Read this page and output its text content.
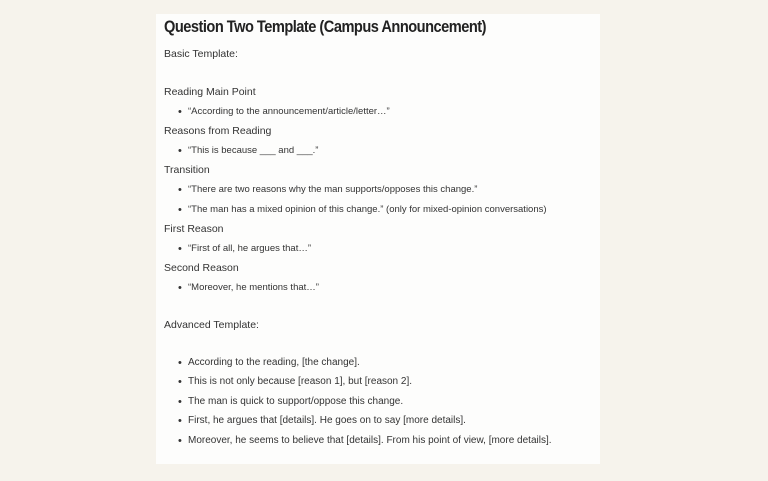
Question Two Template (Campus Announcement)
Basic Template:
Reading Main Point
• “According to the announcement/article/letter…”
Reasons from Reading
• “This is because ___ and ___.”
Transition
• “There are two reasons why the man supports/opposes this change.”
• “The man has a mixed opinion of this change.” (only for mixed-opinion conversations)
First Reason
• “First of all, he argues that…”
Second Reason
• “Moreover, he mentions that…”
Advanced Template:
• According to the reading, [the change].
• This is not only because [reason 1], but [reason 2].
• The man is quick to support/oppose this change.
• First, he argues that [details]. He goes on to say [more details].
• Moreover, he seems to believe that [details]. From his point of view, [more details].
